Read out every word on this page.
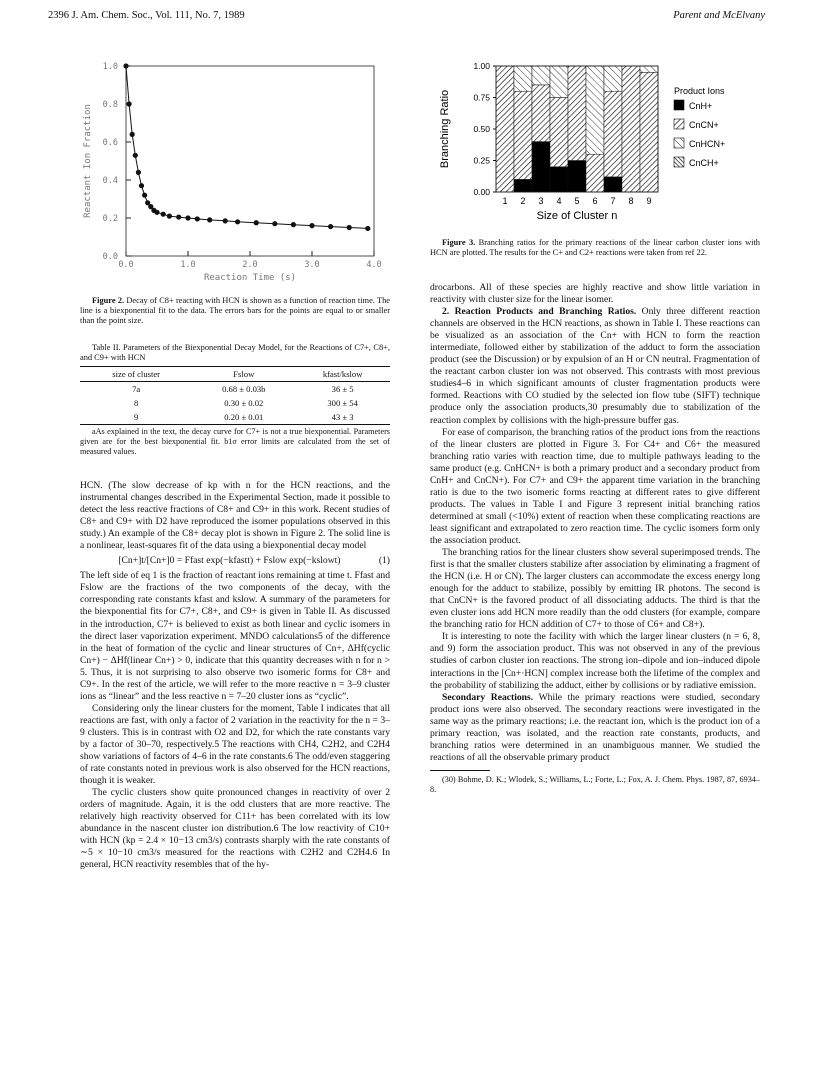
2396 J. Am. Chem. Soc., Vol. 111, No. 7, 1989	Parent and McElvany
0.0
0.2
0.4
0.6
0.8
1.0
0.0	1.0	2.0	3.0	4.0
Reaction Time (s)
Reactant Ion Fraction

Figure 2. Decay of C8+ reacting with HCN is shown as a function of reaction time. The line is a biexponential fit to the data. The errors bars for the points are equal to or smaller than the point size.

Table II. Parameters of the Biexponential Decay Model, for the Reactions of C7+, C8+, and C9+ with HCN

size of cluster	Fslow	kfast/kslow
7a	0.68 ± 0.03b	36 ± 5
8	0.30 ± 0.02	300 ± 54
9	0.20 ± 0.01	43 ± 3

aAs explained in the text, the decay curve for C7+ is not a true biexponential. Parameters given are for the best biexponential fit. b1σ error limits are calculated from the set of measured values.

HCN. (The slow decrease of kp with n for the HCN reactions, and the instrumental changes described in the Experimental Section, made it possible to detect the less reactive fractions of C8+ and C9+ in this work. Recent studies of C8+ and C9+ with D2 have reproduced the isomer populations observed in this study.) An example of the C8+ decay plot is shown in Figure 2. The solid line is a nonlinear, least-squares fit of the data using a biexponential decay model

[Cn+]t/[Cn+]0 = Ffast exp(−kfastt) + Fslow exp(−kslowt)	(1)

The left side of eq 1 is the fraction of reactant ions remaining at time t. Ffast and Fslow are the fractions of the two components of the decay, with the corresponding rate constants kfast and kslow. A summary of the parameters for the biexponential fits for C7+, C8+, and C9+ is given in Table II. As discussed in the introduction, C7+ is believed to exist as both linear and cyclic isomers in the direct laser vaporization experiment. MNDO calculations5 of the difference in the heat of formation of the cyclic and linear structures of Cn+, ΔHf(cyclic Cn+) − ΔHf(linear Cn+) > 0, indicate that this quantity decreases with n for n > 5. Thus, it is not surprising to also observe two isomeric forms for C8+ and C9+. In the rest of the article, we will refer to the more reactive n = 3–9 cluster ions as “linear” and the less reactive n = 7–20 cluster ions as “cyclic”.

Considering only the linear clusters for the moment, Table I indicates that all reactions are fast, with only a factor of 2 variation in the reactivity for the n = 3–9 clusters. This is in contrast with O2 and D2, for which the rate constants vary by a factor of 30–70, respectively.5 The reactions with CH4, C2H2, and C2H4 show variations of factors of 4–6 in the rate constants.6 The odd/even staggering of rate constants noted in previous work is also observed for the HCN reactions, though it is weaker.

The cyclic clusters show quite pronounced changes in reactivity of over 2 orders of magnitude. Again, it is the odd clusters that are more reactive. The relatively high reactivity observed for C11+ has been correlated with its low abundance in the nascent cluster ion distribution.6 The low reactivity of C10+ with HCN (kp = 2.4 × 10−13 cm3/s) contrasts sharply with the rate constants of ∼5 × 10−10 cm3/s measured for the reactions with C2H2 and C2H4.6 In general, HCN reactivity resembles that of the hy-

1 2 3 4 5 6 7 8 9
0.00
0.25
0.50
0.75
1.00
Size of Cluster n
Branching Ratio	Product Ions
CnH+
CnCN+
CnHCN+
CnCH+

Figure 3. Branching ratios for the primary reactions of the linear carbon cluster ions with HCN are plotted. The results for the C+ and C2+ reactions were taken from ref 22.

drocarbons. All of these species are highly reactive and show little variation in reactivity with cluster size for the linear isomer.

2. Reaction Products and Branching Ratios. Only three different reaction channels are observed in the HCN reactions, as shown in Table I. These reactions can be visualized as an association of the Cn+ with HCN to form the reaction intermediate, followed either by stabilization of the adduct to form the association product (see the Discussion) or by expulsion of an H or CN neutral. Fragmentation of the reactant carbon cluster ion was not observed. This contrasts with most previous studies4–6 in which significant amounts of cluster fragmentation products were formed. Reactions with CO studied by the selected ion flow tube (SIFT) technique produce only the association products,30 presumably due to stabilization of the reaction complex by collisions with the high-pressure buffer gas.

For ease of comparison, the branching ratios of the product ions from the reactions of the linear clusters are plotted in Figure 3. For C4+ and C6+ the measured branching ratio varies with reaction time, due to multiple pathways leading to the same product (e.g. CnHCN+ is both a primary product and a secondary product from CnH+ and CnCN+). For C7+ and C9+ the apparent time variation in the branching ratio is due to the two isomeric forms reacting at different rates to give different products. The values in Table I and Figure 3 represent initial branching ratios determined at small (<10%) extent of reaction when these complicating reactions are least significant and extrapolated to zero reaction time. The cyclic isomers form only the association product.

The branching ratios for the linear clusters show several superimposed trends. The first is that the smaller clusters stabilize after association by eliminating a fragment of the HCN (i.e. H or CN). The larger clusters can accommodate the excess energy long enough for the adduct to stabilize, possibly by emitting IR photons. The second is that CnCN+ is the favored product of all dissociating adducts. The third is that the even cluster ions add HCN more readily than the odd clusters (for example, compare the branching ratio for HCN addition of C7+ to those of C6+ and C8+).

It is interesting to note the facility with which the larger linear clusters (n = 6, 8, and 9) form the association product. This was not observed in any of the previous studies of carbon cluster ion reactions. The strong ion–dipole and ion–induced dipole interactions in the [Cn+·HCN] complex increase both the lifetime of the complex and the probability of stabilizing the adduct, either by collisions or by radiative emission.

Secondary Reactions. While the primary reactions were studied, secondary product ions were also observed. The secondary reactions were investigated in the same way as the primary reactions; i.e. the reactant ion, which is the product ion of a primary reaction, was isolated, and the reaction rate constants, products, and branching ratios were determined in an unambiguous manner. We studied the reactions of all the observable primary product

(30) Bohme, D. K.; Wlodek, S.; Williams, L.; Forte, L.; Fox, A. J. Chem. Phys. 1987, 87, 6934–8.
